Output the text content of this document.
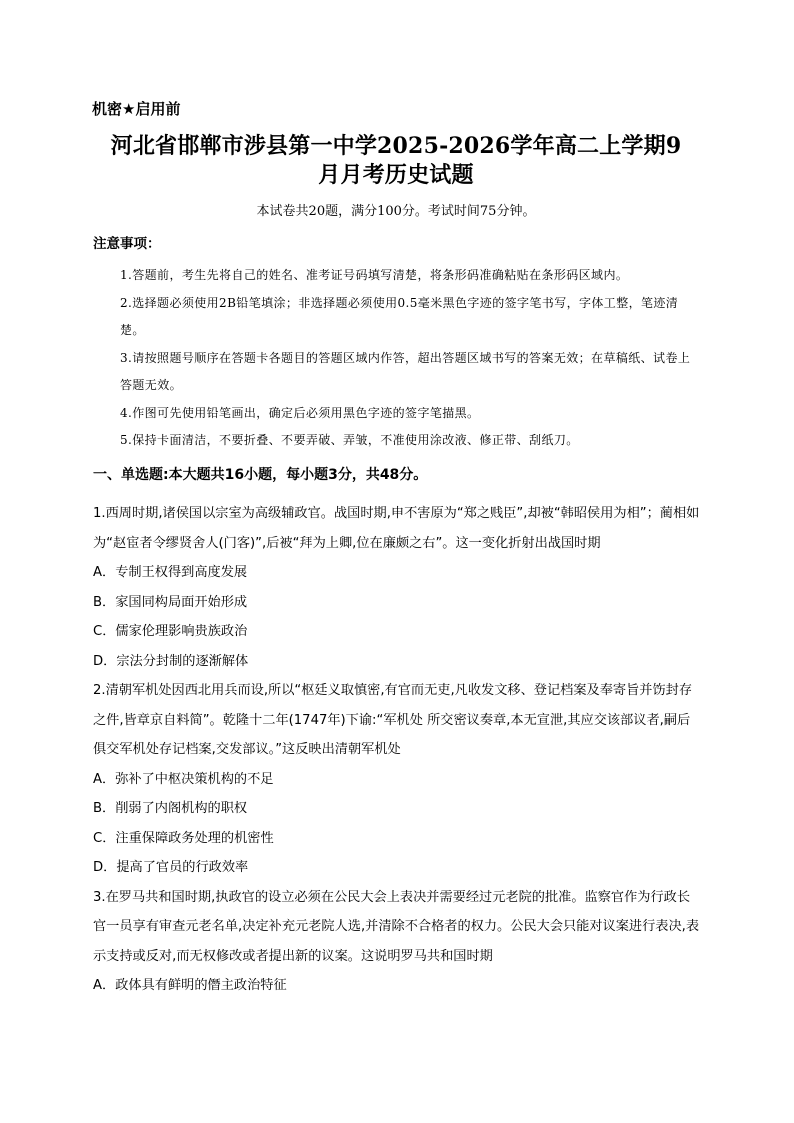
机密★启用前
河北省邯郸市涉县第一中学2025-2026学年高二上学期9
月月考历史试题
本试卷共20题，满分100分。考试时间75分钟。
注意事项：

1.答题前，考生先将自己的姓名、准考证号码填写清楚，将条形码准确粘贴在条形码区域内。

2.选择题必须使用2B铅笔填涂；非选择题必须使用0.5毫米黑色字迹的签字笔书写，字体工整，笔迹清楚。

3.请按照题号顺序在答题卡各题目的答题区域内作答，超出答题区域书写的答案无效；在草稿纸、试卷上答题无效。

4.作图可先使用铅笔画出，确定后必须用黑色字迹的签字笔描黑。

5.保持卡面清洁，不要折叠、不要弄破、弄皱，不准使用涂改液、修正带、刮纸刀。

一、单选题:本大题共16小题，每小题3分，共48分。

1.西周时期,诸侯国以宗室为高级辅政官。战国时期,申不害原为“郑之贱臣”,却被“韩昭侯用为相”；蔺相如为“赵宦者令缪贤舍人(门客)”,后被“拜为上卿,位在廉颇之右”。这一变化折射出战国时期

A．专制王权得到高度发展

B．家国同构局面开始形成

C．儒家伦理影响贵族政治

D．宗法分封制的逐渐解体

2.清朝军机处因西北用兵而设,所以“枢廷义取慎密,有官而无吏,凡收发文移、登记档案及奉寄旨并饬封存之件,皆章京自料简”。乾隆十二年(1747年)下谕:“军机处 所交密议奏章,本无宣泄,其应交该部议者,嗣后俱交军机处存记档案,交发部议。”这反映出清朝军机处

A．弥补了中枢决策机构的不足

B．削弱了内阁机构的职权

C．注重保障政务处理的机密性

D．提高了官员的行政效率

3.在罗马共和国时期,执政官的设立必须在公民大会上表决并需要经过元老院的批准。监察官作为行政长官一员享有审查元老名单,决定补充元老院人选,并清除不合格者的权力。公民大会只能对议案进行表决,表示支持或反对,而无权修改或者提出新的议案。这说明罗马共和国时期

A．政体具有鲜明的僭主政治特征
